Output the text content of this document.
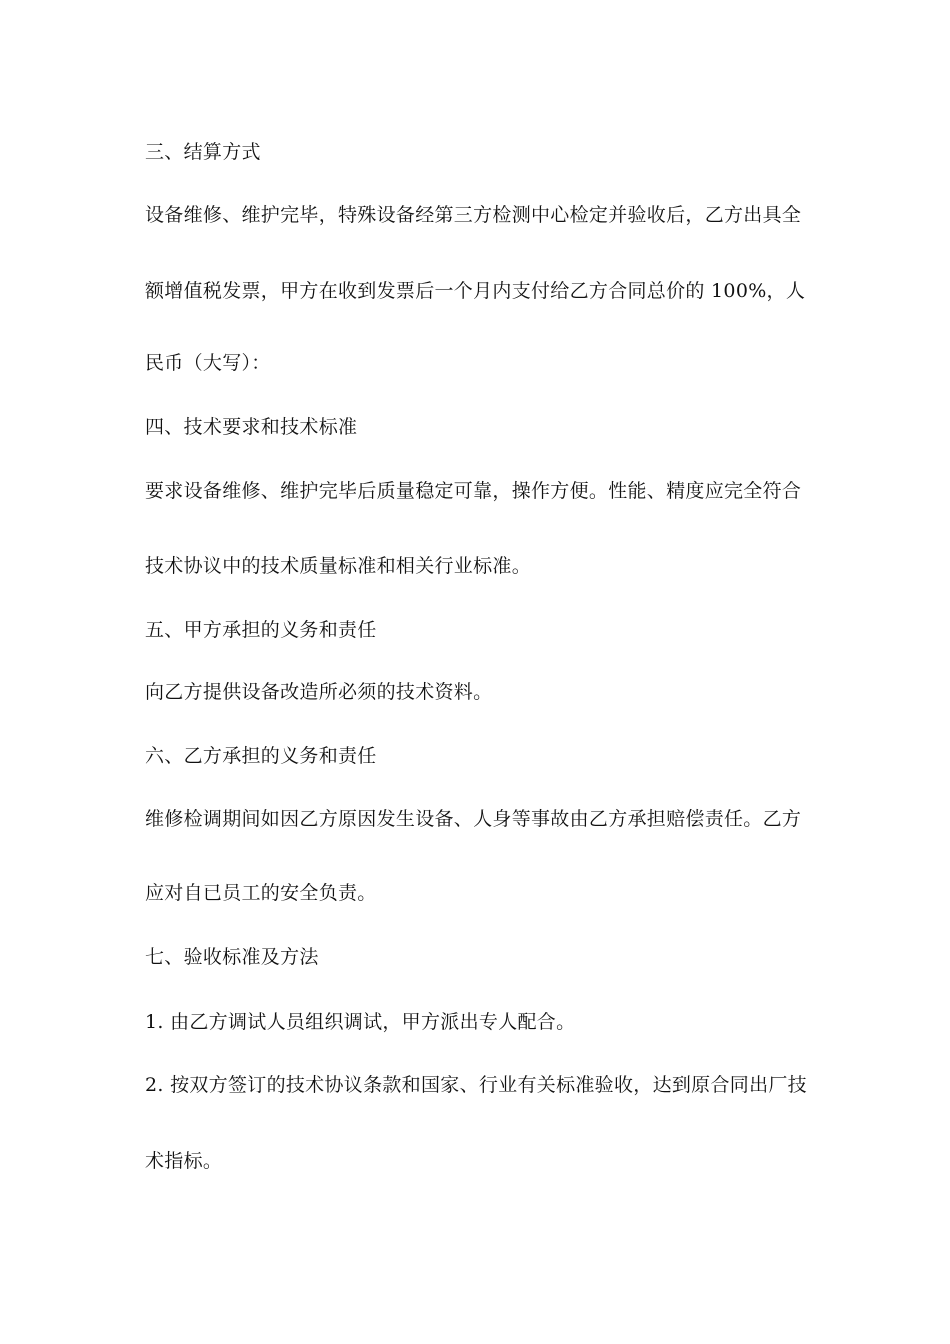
三、结算方式
设备维修、维护完毕，特殊设备经第三方检测中心检定并验收后，乙方出具全
额增值税发票，甲方在收到发票后一个月内支付给乙方合同总价的 100%，人
民币（大写）：
四、技术要求和技术标准
要求设备维修、维护完毕后质量稳定可靠，操作方便。性能、精度应完全符合
技术协议中的技术质量标准和相关行业标准。
五、甲方承担的义务和责任
向乙方提供设备改造所必须的技术资料。
六、乙方承担的义务和责任
维修检调期间如因乙方原因发生设备、人身等事故由乙方承担赔偿责任。乙方
应对自已员工的安全负责。
七、验收标准及方法
1. 由乙方调试人员组织调试，甲方派出专人配合。
2. 按双方签订的技术协议条款和国家、行业有关标准验收，达到原合同出厂技
术指标。
